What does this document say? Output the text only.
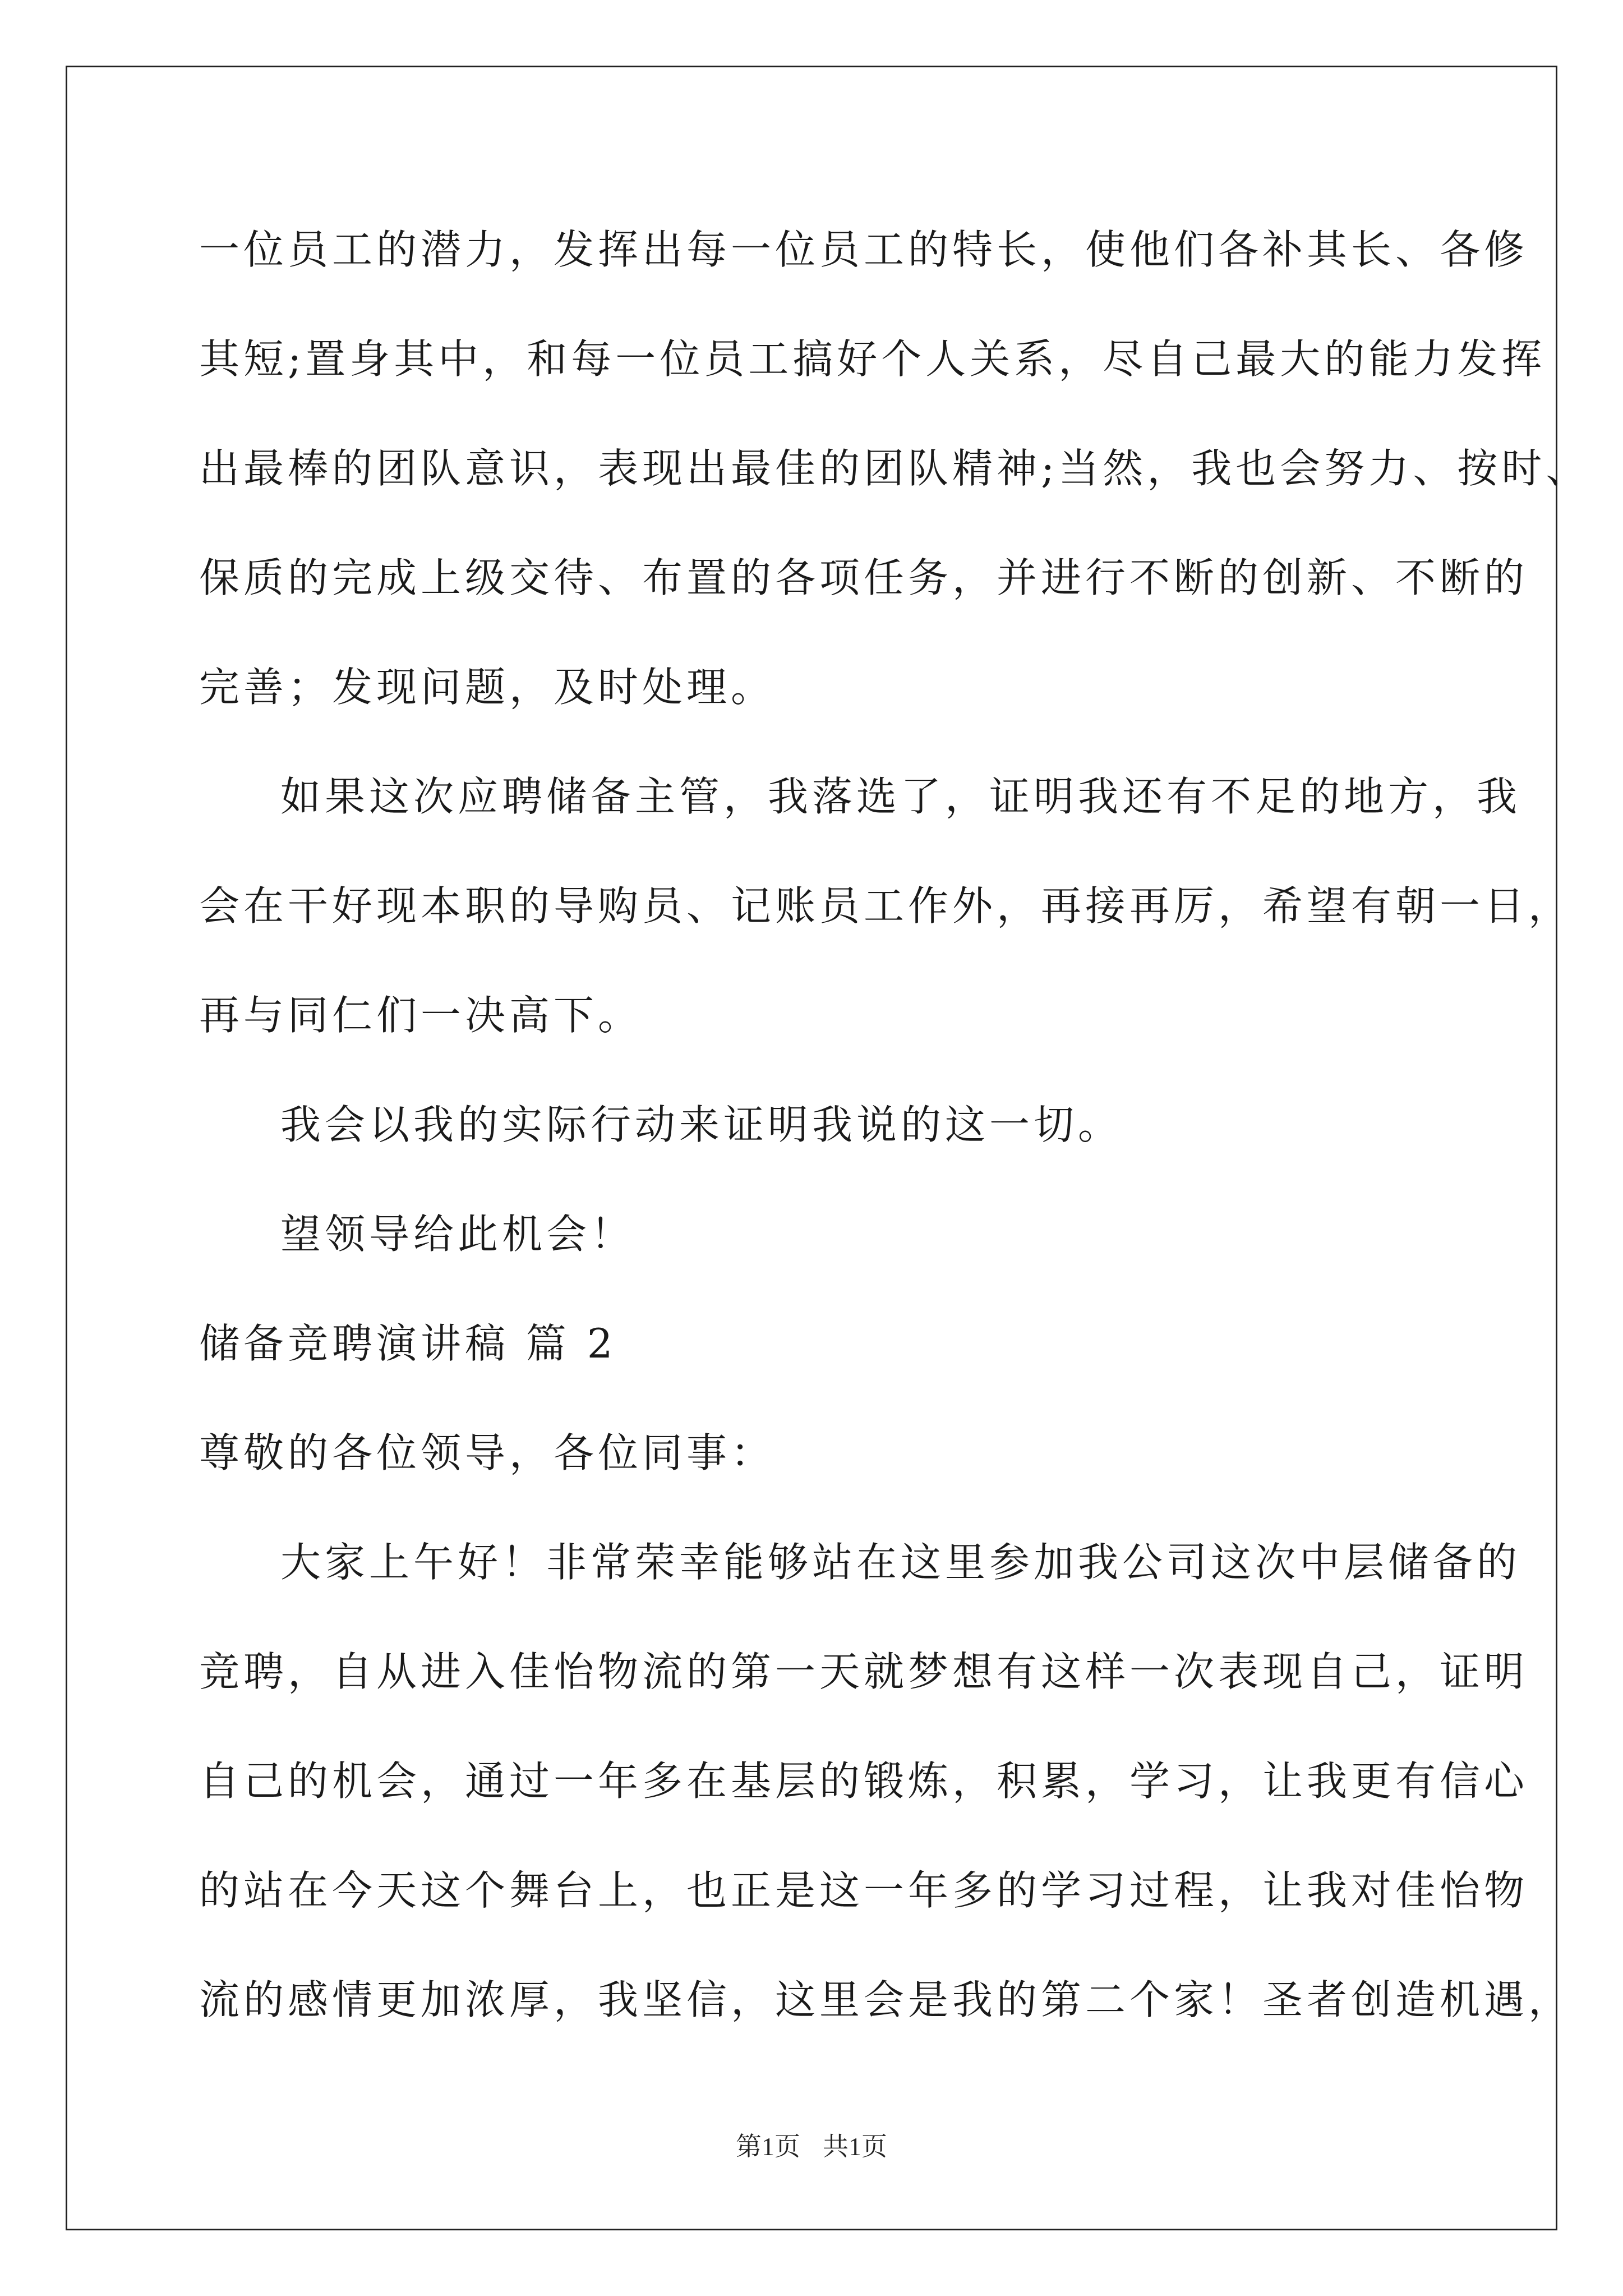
一位员工的潜力，发挥出每一位员工的特长，使他们各补其长、各修
其短;置身其中，和每一位员工搞好个人关系，尽自己最大的能力发挥
出最棒的团队意识，表现出最佳的团队精神;当然，我也会努力、按时、
保质的完成上级交待、布置的各项任务，并进行不断的创新、不断的
完善；发现问题，及时处理。
如果这次应聘储备主管，我落选了，证明我还有不足的地方，我
会在干好现本职的导购员、记账员工作外，再接再厉，希望有朝一日，
再与同仁们一决高下。
我会以我的实际行动来证明我说的这一切。
望领导给此机会！
储备竞聘演讲稿 篇 2
尊敬的各位领导，各位同事：
大家上午好！非常荣幸能够站在这里参加我公司这次中层储备的
竞聘，自从进入佳怡物流的第一天就梦想有这样一次表现自己，证明
自己的机会，通过一年多在基层的锻炼，积累，学习，让我更有信心
的站在今天这个舞台上，也正是这一年多的学习过程，让我对佳怡物
流的感情更加浓厚，我坚信，这里会是我的第二个家！圣者创造机遇，
第1页 共1页
